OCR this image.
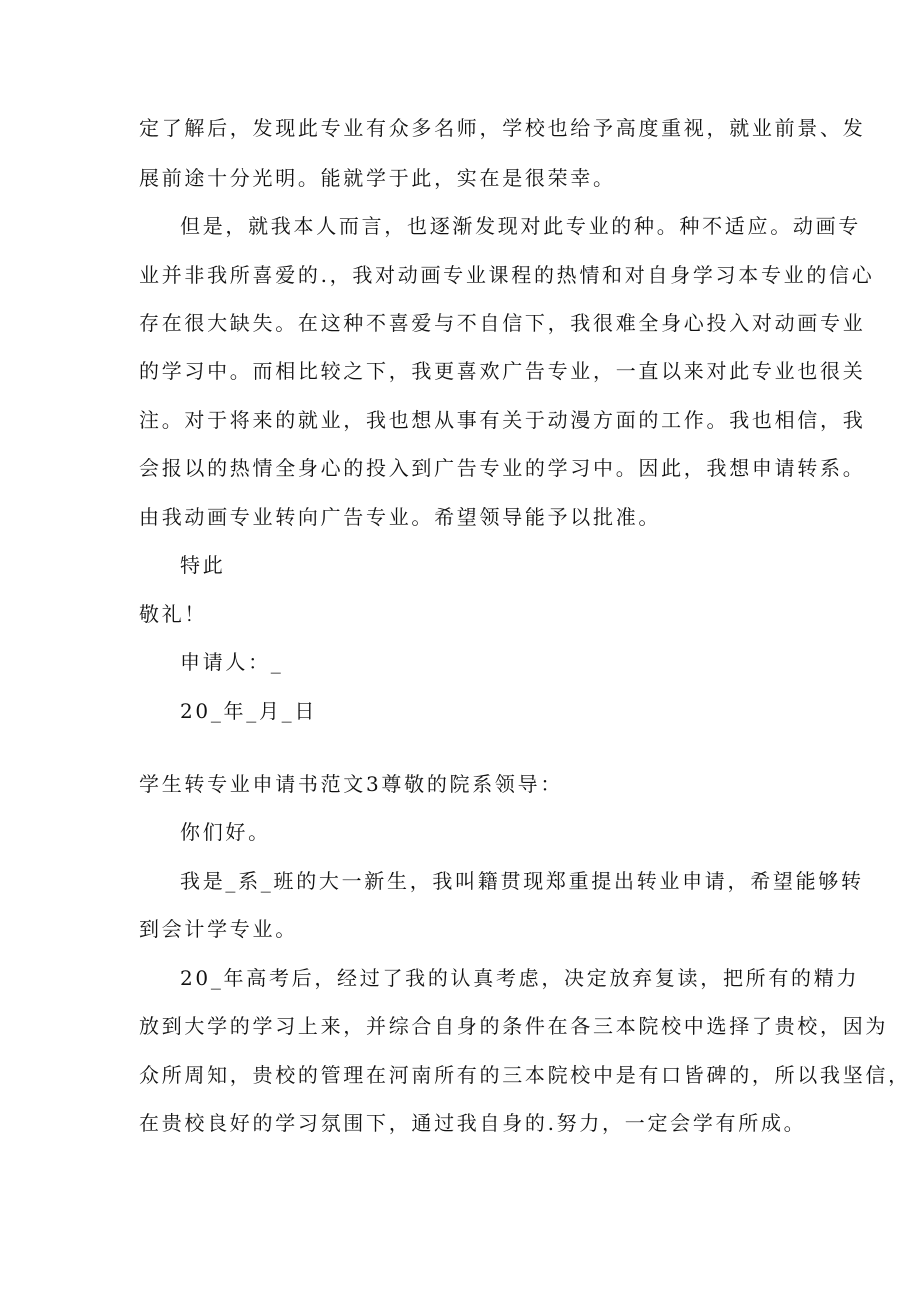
定了解后，发现此专业有众多名师，学校也给予高度重视，就业前景、发
展前途十分光明。能就学于此，实在是很荣幸。
但是，就我本人而言，也逐渐发现对此专业的种。种不适应。动画专
业并非我所喜爱的.，我对动画专业课程的热情和对自身学习本专业的信心
存在很大缺失。在这种不喜爱与不自信下，我很难全身心投入对动画专业
的学习中。而相比较之下，我更喜欢广告专业，一直以来对此专业也很关
注。对于将来的就业，我也想从事有关于动漫方面的工作。我也相信，我
会报以的热情全身心的投入到广告专业的学习中。因此，我想申请转系。
由我动画专业转向广告专业。希望领导能予以批准。
特此
敬礼！
申请人：_
20_年_月_日
学生转专业申请书范文3尊敬的院系领导：
你们好。
我是_系_班的大一新生，我叫籍贯现郑重提出转业申请，希望能够转
到会计学专业。
20_年高考后，经过了我的认真考虑，决定放弃复读，把所有的精力
放到大学的学习上来，并综合自身的条件在各三本院校中选择了贵校，因为
众所周知，贵校的管理在河南所有的三本院校中是有口皆碑的，所以我坚信，
在贵校良好的学习氛围下，通过我自身的.努力，一定会学有所成。
